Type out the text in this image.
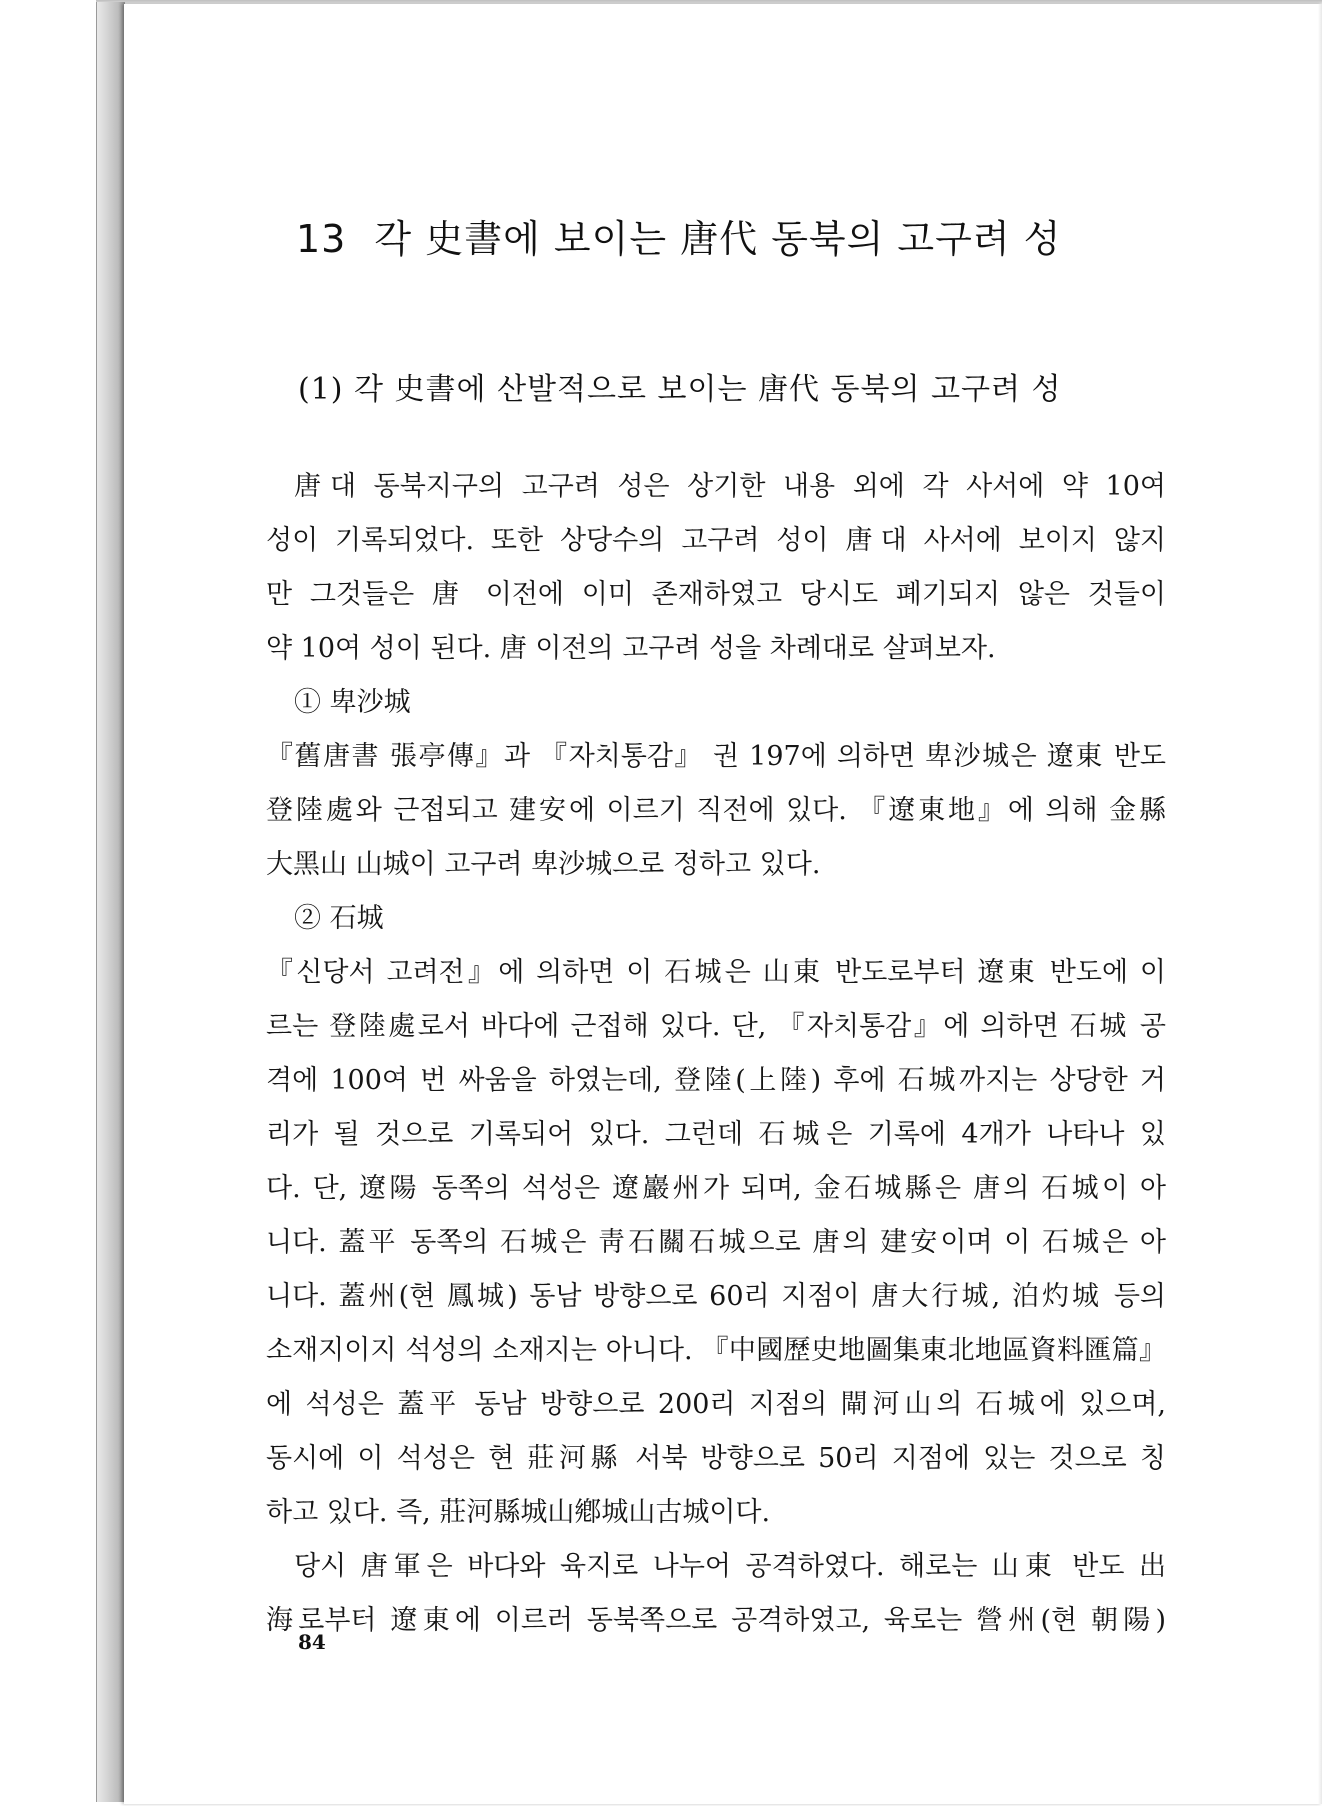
13 각 史書에 보이는 唐代 동북의 고구려 성
(1) 각 史書에 산발적으로 보이는 唐代 동북의 고구려 성
唐대 동북지구의 고구려 성은 상기한 내용 외에 각 사서에 약 10여
성이 기록되었다. 또한 상당수의 고구려 성이 唐대 사서에 보이지 않지
만 그것들은 唐 이전에 이미 존재하였고 당시도 폐기되지 않은 것들이
약 10여 성이 된다. 唐 이전의 고구려 성을 차례대로 살펴보자.
① 卑沙城
『舊唐書 張亭傳』과 『자치통감』 권 197에 의하면 卑沙城은 遼東 반도
登陸處와 근접되고 建安에 이르기 직전에 있다. 『遼東地』에 의해 金縣
大黑山 山城이 고구려 卑沙城으로 정하고 있다.
② 石城
『신당서 고려전』에 의하면 이 石城은 山東 반도로부터 遼東 반도에 이
르는 登陸處로서 바다에 근접해 있다. 단, 『자치통감』에 의하면 石城 공
격에 100여 번 싸움을 하였는데, 登陸(上陸) 후에 石城까지는 상당한 거
리가 될 것으로 기록되어 있다. 그런데 石城은 기록에 4개가 나타나 있
다. 단, 遼陽 동쪽의 석성은 遼巖州가 되며, 金石城縣은 唐의 石城이 아
니다. 蓋平 동쪽의 石城은 靑石關石城으로 唐의 建安이며 이 石城은 아
니다. 蓋州(현 鳳城) 동남 방향으로 60리 지점이 唐大行城, 泊灼城 등의
소재지이지 석성의 소재지는 아니다. 『中國歷史地圖集東北地區資料匯篇』
에 석성은 蓋平 동남 방향으로 200리 지점의 閘河山의 石城에 있으며,
동시에 이 석성은 현 莊河縣 서북 방향으로 50리 지점에 있는 것으로 칭
하고 있다. 즉, 莊河縣城山鄕城山古城이다.
당시 唐軍은 바다와 육지로 나누어 공격하였다. 해로는 山東 반도 出
海로부터 遼東에 이르러 동북쪽으로 공격하였고, 육로는 營州(현 朝陽)
84
